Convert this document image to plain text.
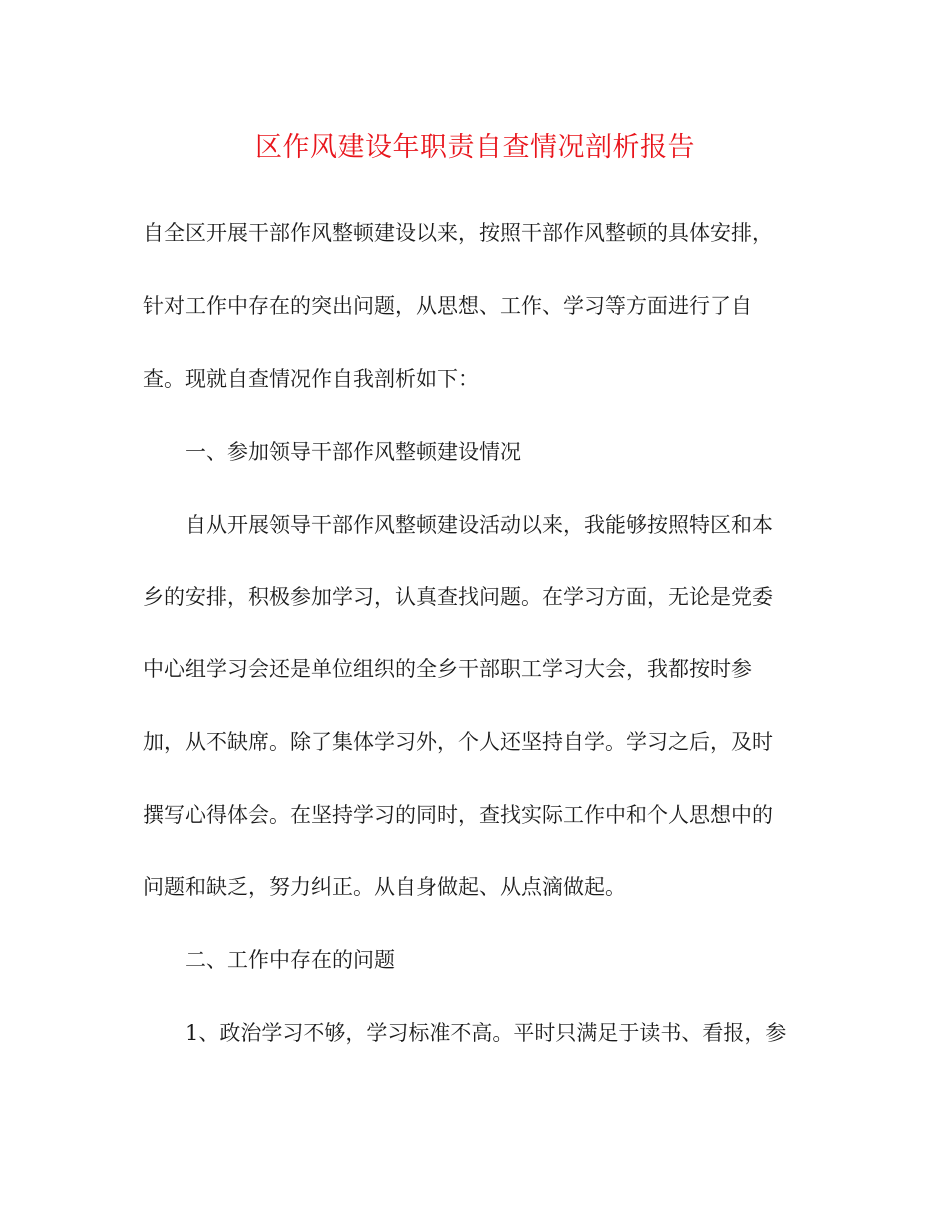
区作风建设年职责自查情况剖析报告

自全区开展干部作风整顿建设以来，按照干部作风整顿的具体安排，

针对工作中存在的突出问题，从思想、工作、学习等方面进行了自

查。现就自查情况作自我剖析如下：

一、参加领导干部作风整顿建设情况

自从开展领导干部作风整顿建设活动以来，我能够按照特区和本

乡的安排，积极参加学习，认真查找问题。在学习方面，无论是党委

中心组学习会还是单位组织的全乡干部职工学习大会，我都按时参

加，从不缺席。除了集体学习外，个人还坚持自学。学习之后，及时

撰写心得体会。在坚持学习的同时，查找实际工作中和个人思想中的

问题和缺乏，努力纠正。从自身做起、从点滴做起。

二、工作中存在的问题

1、政治学习不够，学习标准不高。平时只满足于读书、看报，参
